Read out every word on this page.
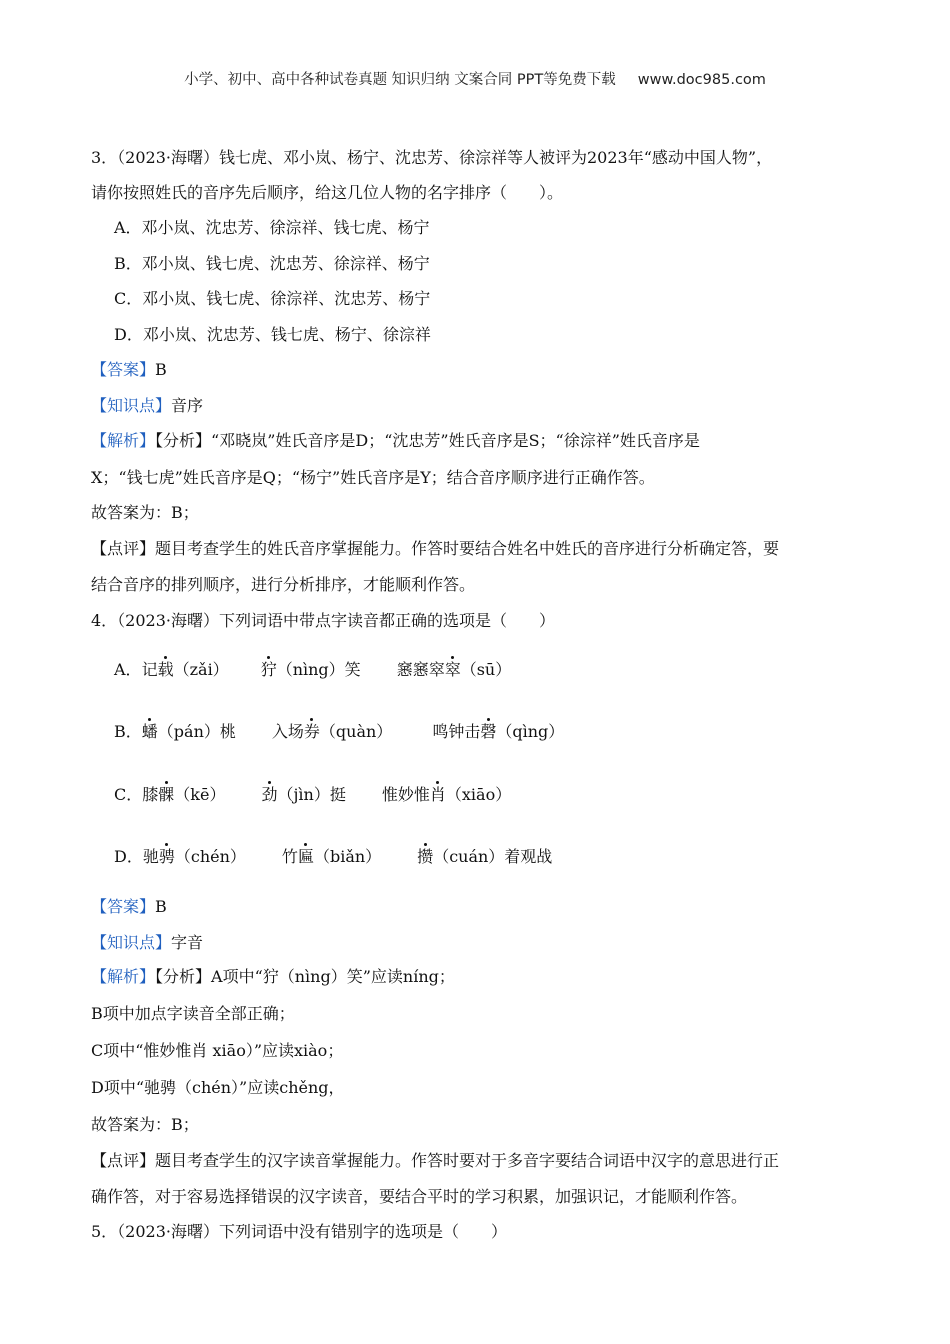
小学、初中、高中各种试卷真题 知识归纳 文案合同 PPT等免费下载 www.doc985.com
3．（2023·海曙）钱七虎、邓小岚、杨宁、沈忠芳、徐淙祥等人被评为2023年“感动中国人物”，
请你按照姓氏的音序先后顺序，给这几位人物的名字排序（　　）。
A．邓小岚、沈忠芳、徐淙祥、钱七虎、杨宁
B．邓小岚、钱七虎、沈忠芳、徐淙祥、杨宁
C．邓小岚、钱七虎、徐淙祥、沈忠芳、杨宁
D．邓小岚、沈忠芳、钱七虎、杨宁、徐淙祥
【答案】B
【知识点】音序
【解析】【分析】“邓晓岚”姓氏音序是D；“沈忠芳”姓氏音序是S；“徐淙祥”姓氏音序是
X；“钱七虎”姓氏音序是Q；“杨宁”姓氏音序是Y；结合音序顺序进行正确作答。
故答案为：B；
【点评】题目考查学生的姓氏音序掌握能力。作答时要结合姓名中姓氏的音序进行分析确定答，要
结合音序的排列顺序，进行分析排序，才能顺利作答。
4．（2023·海曙）下列词语中带点字读音都正确的选项是（　　）
A．记载（zǎi） 狞（nìng）笑 窸窸窣窣（sū）
B．蟠（pán）桃 入场券（quàn）	鸣钟击磬（qìng）
C．膝髁（kē） 劲（jìn）挺 惟妙惟肖（xiāo）
D．驰骋（chén） 竹匾（biǎn） 攒（cuán）着观战
【答案】B
【知识点】字音
【解析】【分析】A项中“狞（nìng）笑”应读níng；
B项中加点字读音全部正确；
C项中“惟妙惟肖 xiāo）”应读xiào；
D项中“驰骋（chén）”应读chěng，
故答案为：B；
【点评】题目考查学生的汉字读音掌握能力。作答时要对于多音字要结合词语中汉字的意思进行正
确作答，对于容易选择错误的汉字读音，要结合平时的学习积累，加强识记，才能顺利作答。
5．（2023·海曙）下列词语中没有错别字的选项是（　　）
